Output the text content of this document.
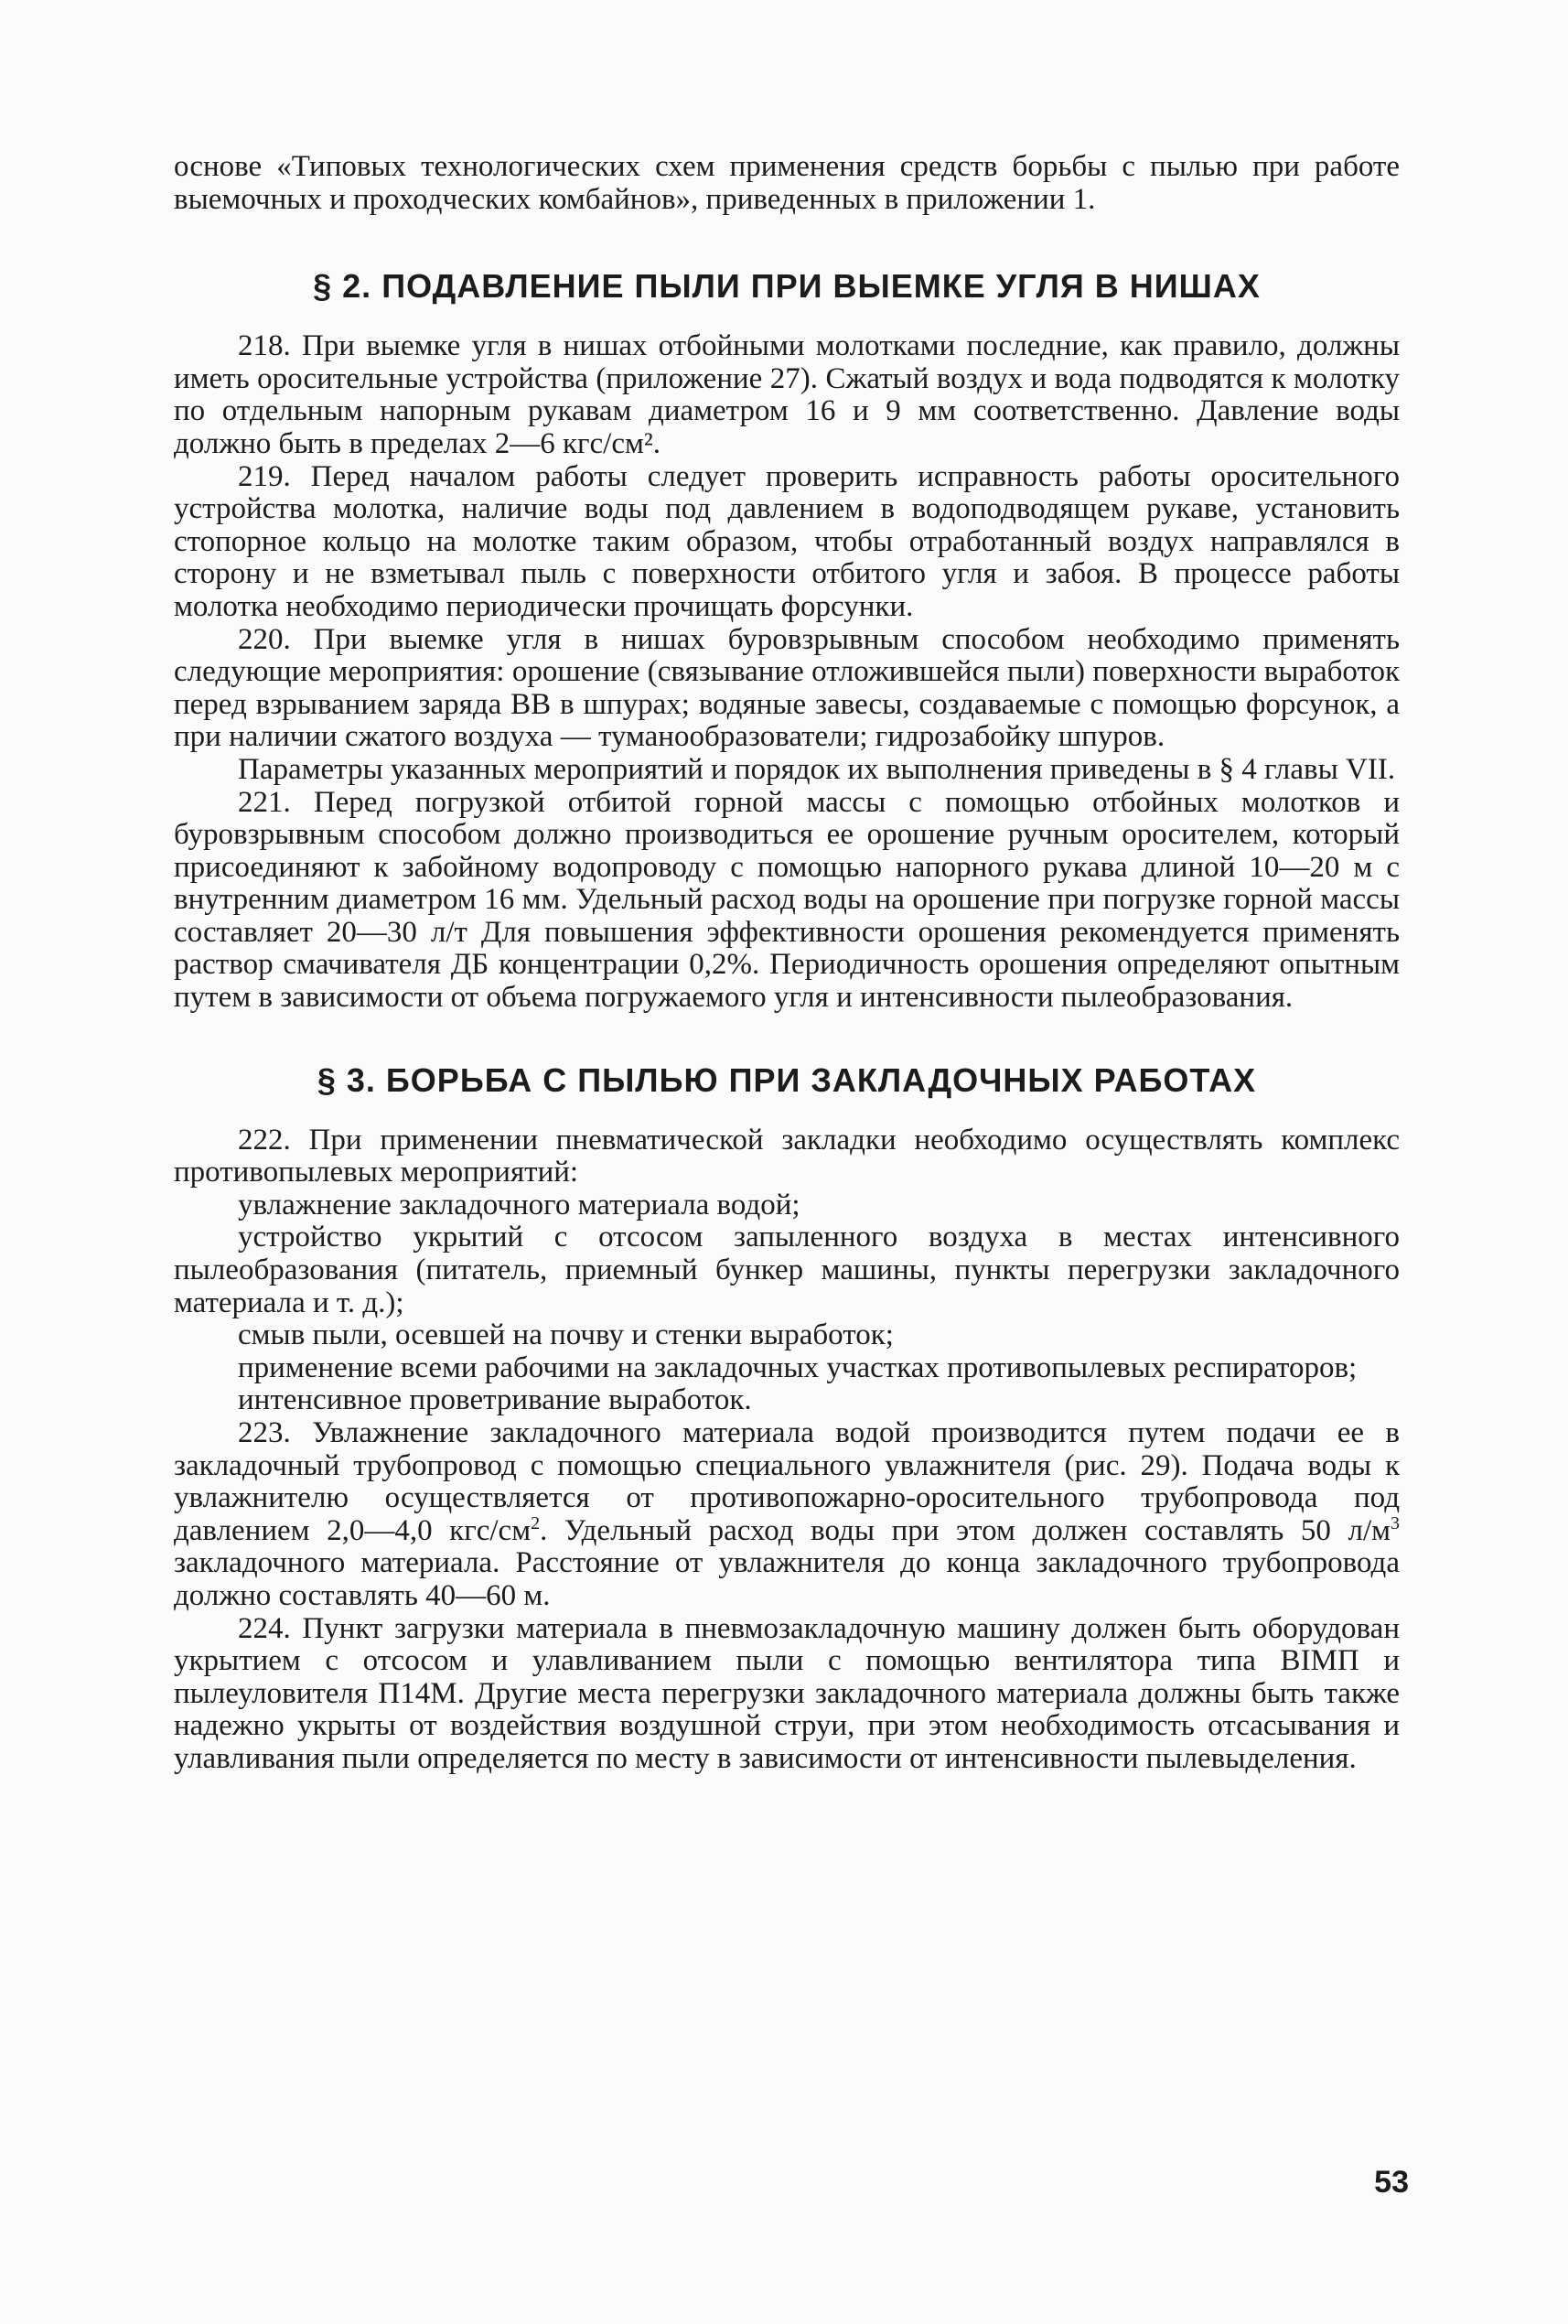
основе «Типовых технологических схем применения средств борьбы с пылью при работе выемочных и проходческих комбайнов», приведенных в приложении 1.

§ 2. ПОДАВЛЕНИЕ ПЫЛИ ПРИ ВЫЕМКЕ УГЛЯ В НИШАХ

218. При выемке угля в нишах отбойными молотками последние, как правило, должны иметь оросительные устройства (приложение 27). Сжатый воздух и вода подводятся к молотку по отдельным напорным рукавам диаметром 16 и 9 мм соответственно. Давление воды должно быть в пределах 2—6 кгс/см².

219. Перед началом работы следует проверить исправность работы оросительного устройства молотка, наличие воды под давлением в водоподводящем рукаве, установить стопорное кольцо на молотке таким образом, чтобы отработанный воздух направлялся в сторону и не взметывал пыль с поверхности отбитого угля и забоя. В процессе работы молотка необходимо периодически прочищать форсунки.

220. При выемке угля в нишах буровзрывным способом необходимо применять следующие мероприятия: орошение (связывание отложившейся пыли) поверхности выработок перед взрыванием заряда ВВ в шпурах; водяные завесы, создаваемые с помощью форсунок, а при наличии сжатого воздуха — туманообразователи; гидрозабойку шпуров.

Параметры указанных мероприятий и порядок их выполнения приведены в § 4 главы VII.

221. Перед погрузкой отбитой горной массы с помощью отбойных молотков и буровзрывным способом должно производиться ее орошение ручным оросителем, который присоединяют к забойному водопроводу с помощью напорного рукава длиной 10—20 м с внутренним диаметром 16 мм. Удельный расход воды на орошение при погрузке горной массы составляет 20—30 л/т Для повышения эффективности орошения рекомендуется применять раствор смачивателя ДБ концентрации 0,2%. Периодичность орошения определяют опытным путем в зависимости от объема погружаемого угля и интенсивности пылеобразования.

§ 3. БОРЬБА С ПЫЛЬЮ ПРИ ЗАКЛАДОЧНЫХ РАБОТАХ

222. При применении пневматической закладки необходимо осуществлять комплекс противопылевых мероприятий:

увлажнение закладочного материала водой;

устройство укрытий с отсосом запыленного воздуха в местах интенсивного пылеобразования (питатель, приемный бункер машины, пункты перегрузки закладочного материала и т. д.);

смыв пыли, осевшей на почву и стенки выработок;

применение всеми рабочими на закладочных участках противопылевых респираторов;

интенсивное проветривание выработок.

223. Увлажнение закладочного материала водой производится путем подачи ее в закладочный трубопровод с помощью специального увлажнителя (рис. 29). Подача воды к увлажнителю осуществляется от противопожарно-оросительного трубопровода под давлением 2,0—4,0 кгс/$см^2$. Удельный расход воды при этом должен составлять 50 $л/м^3$ закладочного материала. Расстояние от увлажнителя до конца закладочного трубопровода должно составлять 40—60 м.

224. Пункт загрузки материала в пневмозакладочную машину должен быть оборудован укрытием с отсосом и улавливанием пыли с помощью вентилятора типа ВIМП и пылеуловителя П14М. Другие места перегрузки закладочного материала должны быть также надежно укрыты от воздействия воздушной струи, при этом необходимость отсасывания и улавливания пыли определяется по месту в зависимости от интенсивности пылевыделения.

53
